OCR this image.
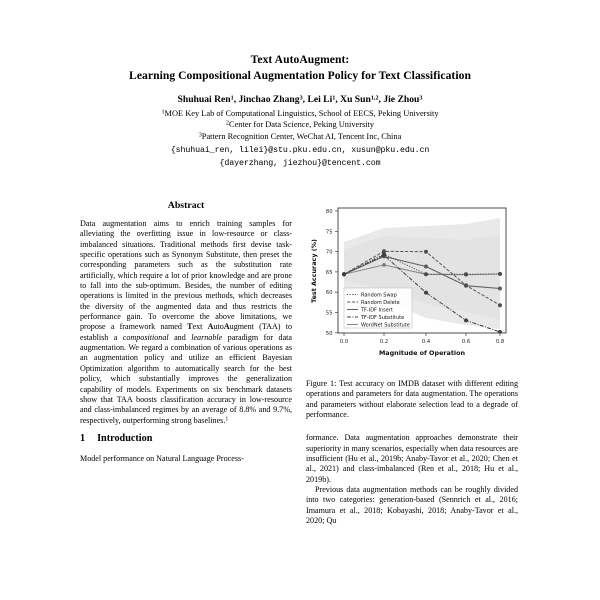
Text AutoAugment:
Learning Compositional Augmentation Policy for Text Classification
Shuhuai Ren$^1$, Jinchao Zhang$^3$, Lei Li$^1$, Xu Sun$^{1,2}$, Jie Zhou$^3$
$^1$MOE Key Lab of Computational Linguistics, School of EECS, Peking University
$^2$Center for Data Science, Peking University
$^3$Pattern Recognition Center, WeChat AI, Tencent Inc, China
{shuhuai_ren, lilei}@stu.pku.edu.cn, xusun@pku.edu.cn
{dayerzhang, jiezhou}@tencent.com
Abstract

Data augmentation aims to enrich training samples for alleviating the overfitting issue in low-resource or class-imbalanced situations. Traditional methods first devise task-specific operations such as Synonym Substitute, then preset the corresponding parameters such as the substitution rate artificially, which require a lot of prior knowledge and are prone to fall into the sub-optimum. Besides, the number of editing operations is limited in the previous methods, which decreases the diversity of the augmented data and thus restricts the performance gain. To overcome the above limitations, we propose a framework named Text AutoAugment (TAA) to establish a compositional and learnable paradigm for data augmentation. We regard a combination of various operations as an augmentation policy and utilize an efficient Bayesian Optimization algorithm to automatically search for the best policy, which substantially improves the generalization capability of models. Experiments on six benchmark datasets show that TAA boosts classification accuracy in low-resource and class-imbalanced regimes by an average of 8.8% and 9.7%, respectively, outperforming strong baselines.$^1$

1 Introduction

Model performance on Natural Language Process-

80
75
70
65
60
55
50
0.0	0.2	0.4	0.6	0.8
Magnitude of Operation
Test Accuracy (%)	Random Swap
Random Delete
TF-IDF Insert
TF-IDF Substitute
WordNet Substitute

Figure 1: Test accuracy on IMDB dataset with different editing operations and parameters for data augmentation. The operations and parameters without elaborate selection lead to a degrade of performance.

formance. Data augmentation approaches demonstrate their superiority in many scenarios, especially when data resources are insufficient (Hu et al., 2019b; Anaby-Tavor et al., 2020; Chen et al., 2021) and class-imbalanced (Ren et al., 2018; Hu et al., 2019b).

Previous data augmentation methods can be roughly divided into two categories: generation-based (Sennrich et al., 2016; Imamura et al., 2018; Kobayashi, 2018; Anaby-Tavor et al., 2020; Qu
